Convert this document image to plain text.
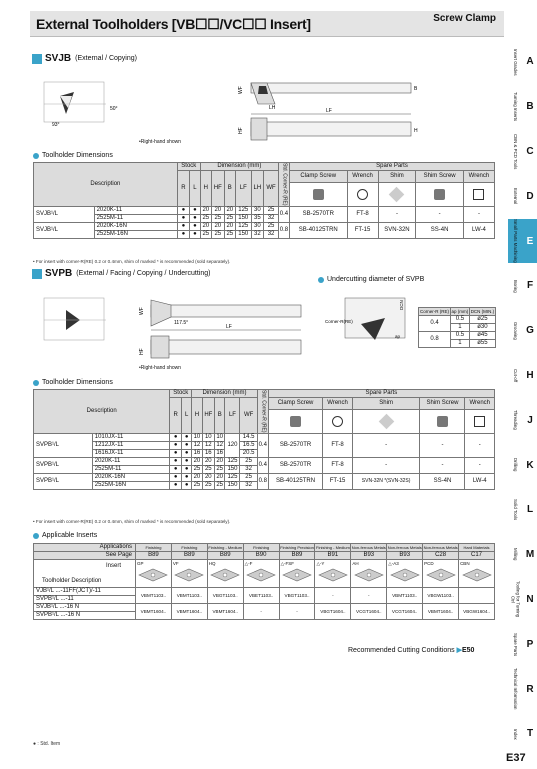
External Toolholders [VB☐☐/VC☐☐ Insert]	Screw Clamp
SVJB (External / Copying)
93°
50°	LF
WF
LH
HF
B
H
•Right-hand shown
Toolholder Dimensions
Description		Stock		Dimension (mm)						Std. Corner-R (RE)	Spare Parts				
		R	L	H	HF	B	LF	LH	WF		Clamp Screw	Wrench	Shim	Shim Screw	Wrench

SVJB¹/L	2020K-11	●	●	20	20	20	125	30	25	0.4	SB-2570TR	FT-8	-	-	-
	2525M-11	●	●	25	25	25	150	35	32						
SVJB¹/L	2020K-16N	●	●	20	20	20	125	30	25	0.8	SB-40125TRN	FT-15	SVN-32N	SS-4N	LW-4
	2525M-16N	●	●	25	25	25	150	32	32						
• For insert with corner-R(RE) 0.2 or 0.4mm, shim of marked * is recommended (sold separately).
SVPB (External / Facing / Copying / Undercutting)
Undercutting diameter of SVPB
LF
117.5°
WF
HF
•Right-hand shown
Corner-R(RE)
ap
DCN
Corner-R (RE)	ap (mm)	DCN (MIN.)
0.4	0.5	ø25
	1	ø30
0.8	0.5	ø45
	1	ø55
Toolholder Dimensions
Description		Stock		Dimension (mm)					Std. Corner-R (RE)	Spare Parts				
		R	L	H	HF	B	LF	WF		Clamp Screw	Wrench	Shim	Shim Screw	Wrench

SVPB¹/L	1010JX-11	●	●	10	10	10	120	14.5	0.4	SB-2570TR	FT-8	-	-	-
	1212JX-11	●	●	12	12	12		16.5						
	1616JX-11	●	●	16	16	16		20.5						
SVPB¹/L	2020K-11	●	●	20	20	20	125	25	0.4	SB-2570TR	FT-8	-	-	-
	2525M-11	●	●	25	25	25	150	32						
SVPB¹/L	2020K-16N	●	●	20	20	20	125	25	0.8	SB-40125TRN	FT-15	SVN-32N *(SVN-32S)	SS-4N	LW-4
	2525M-16N	●	●	25	25	25	150	32						
• For insert with corner-R(RE) 0.2 or 0.4mm, shim of marked * is recommended (sold separately).
Applicable Inserts
Applications	Finishing	Finishing	Finishing - Medium	Finishing	Finishing Precision	Finishing - Medium	Non-ferrous Metals	Non-ferrous Metals	Non-ferrous Metals	Hard Materials
See Page	B89	B89	B89	B90	B89	B91	B93	B93	C28	C17

Insert
Toolholder Description	GP	VF	HQ	△-F	△-FSF	△-Y	AH	△-A3	PCD	CBN

VJB¹/L ...-11FF(JCT)/-11	VBMT1103..	VBMT1103..	VBGT1103..	VBET1103..	VBGT1103..	-	-	VBMT1103..	VBGW1103..	
SVPB¹/L ...-11										
SVJB¹/L ...-16 N	VBMT1604..	VBMT1604..	VBMT1604..	-	-	VBGT1604..	VCGT1604..	VCGT1604..	VBMT1604..	VBGW1604..
SVPB¹/L ...-16 N										
Recommended Cutting Conditions ▶E50
● : Std. Item
E37
Insert Grades A
Turning Inserts B
CBN & PCD Tools C
External D
Small Parts Machining E
Boring F
Grooving G
Cut-off H
Threading J
Drilling K
Solid Tools L
Milling M
Tooling for Turning Ctrl	N
Spare Parts P
Technical Information R
Index T
